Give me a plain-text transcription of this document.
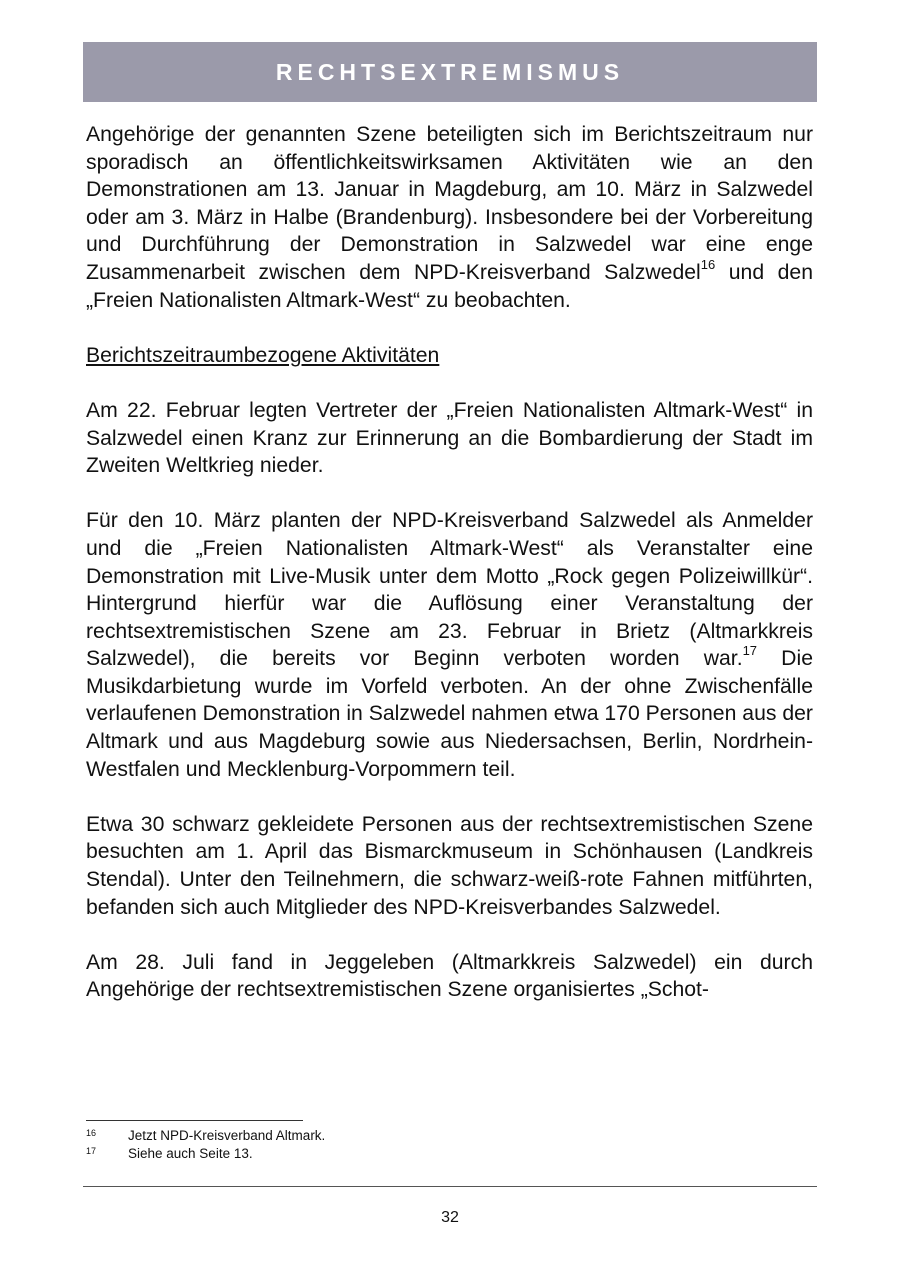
RECHTSEXTREMISMUS

Angehörige der genannten Szene beteiligten sich im Berichtszeitraum nur sporadisch an öffentlichkeitswirksamen Aktivitäten wie an den Demonstrationen am 13. Januar in Magdeburg, am 10. März in Salzwedel oder am 3. März in Halbe (Brandenburg). Insbesondere bei der Vorbereitung und Durchführung der Demonstration in Salzwedel war eine enge Zusammenarbeit zwischen dem NPD-Kreisverband Salzwedel$^{16}$ und den „Freien Nationalisten Altmark-West“ zu beobachten.

Berichtszeitraumbezogene Aktivitäten

Am 22. Februar legten Vertreter der „Freien Nationalisten Altmark-West“ in Salzwedel einen Kranz zur Erinnerung an die Bombardierung der Stadt im Zweiten Weltkrieg nieder.

Für den 10. März planten der NPD-Kreisverband Salzwedel als Anmelder und die „Freien Nationalisten Altmark-West“ als Veranstalter eine Demonstration mit Live-Musik unter dem Motto „Rock gegen Polizeiwillkür“. Hintergrund hierfür war die Auflösung einer Veranstaltung der rechtsextremistischen Szene am 23. Februar in Brietz (Altmarkkreis Salzwedel), die bereits vor Beginn verboten worden war.$^{17}$ Die Musikdarbietung wurde im Vorfeld verboten. An der ohne Zwischenfälle verlaufenen Demonstration in Salzwedel nahmen etwa 170 Personen aus der Altmark und aus Magdeburg sowie aus Niedersachsen, Berlin, Nordrhein-Westfalen und Mecklenburg-Vorpommern teil.

Etwa 30 schwarz gekleidete Personen aus der rechtsextremistischen Szene besuchten am 1. April das Bismarckmuseum in Schönhausen (Landkreis Stendal). Unter den Teilnehmern, die schwarz-weiß-rote Fahnen mitführten, befanden sich auch Mitglieder des NPD-Kreisverbandes Salzwedel.

Am 28. Juli fand in Jeggeleben (Altmarkkreis Salzwedel) ein durch Angehörige der rechtsextremistischen Szene organisiertes „Schot-

16	Jetzt NPD-Kreisverband Altmark.
17	Siehe auch Seite 13.
32
